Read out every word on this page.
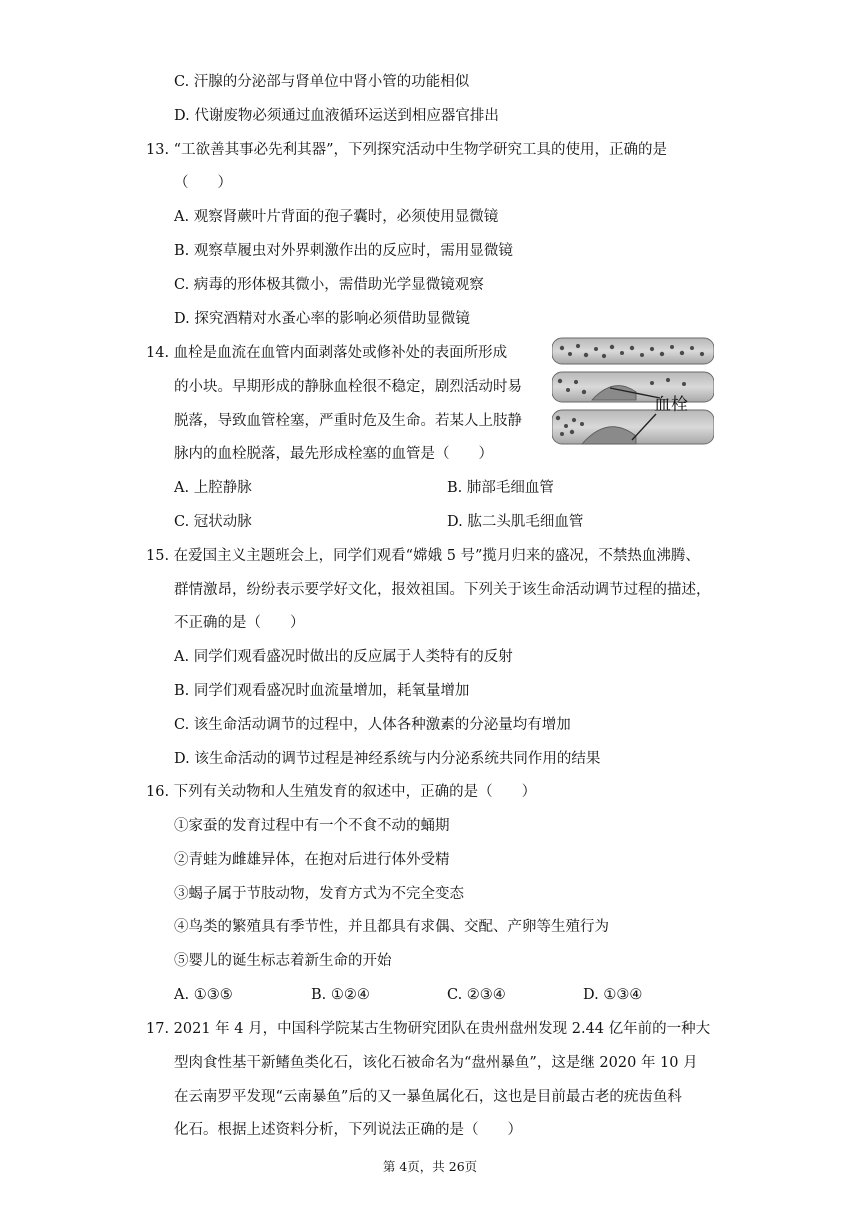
C. 汗腺的分泌部与肾单位中肾小管的功能相似
D. 代谢废物必须通过血液循环运送到相应器官排出
13. “工欲善其事必先利其器”，下列探究活动中生物学研究工具的使用，正确的是
（　　）
A. 观察肾蕨叶片背面的孢子囊时，必须使用显微镜
B. 观察草履虫对外界刺激作出的反应时，需用显微镜
C. 病毒的形体极其微小，需借助光学显微镜观察
D. 探究酒精对水蚤心率的影响必须借助显微镜
14. 血栓是血流在血管内面剥落处或修补处的表面所形成
的小块。早期形成的静脉血栓很不稳定，剧烈活动时易
脱落，导致血管栓塞，严重时危及生命。若某人上肢静
脉内的血栓脱落，最先形成栓塞的血管是（　　）
血栓
A. 上腔静脉	B. 肺部毛细血管
C. 冠状动脉	D. 肱二头肌毛细血管
15. 在爱国主义主题班会上，同学们观看“嫦娥 5 号”揽月归来的盛况，不禁热血沸腾、
群情激昂，纷纷表示要学好文化，报效祖国。下列关于该生命活动调节过程的描述，
不正确的是（　　）
A. 同学们观看盛况时做出的反应属于人类特有的反射
B. 同学们观看盛况时血流量增加，耗氧量增加
C. 该生命活动调节的过程中，人体各种激素的分泌量均有增加
D. 该生命活动的调节过程是神经系统与内分泌系统共同作用的结果
16. 下列有关动物和人生殖发育的叙述中，正确的是（　　）
①家蚕的发育过程中有一个不食不动的蛹期
②青蛙为雌雄异体，在抱对后进行体外受精
③蝎子属于节肢动物，发育方式为不完全变态
④鸟类的繁殖具有季节性，并且都具有求偶、交配、产卵等生殖行为
⑤婴儿的诞生标志着新生命的开始
A. ①③⑤	B. ①②④	C. ②③④	D. ①③④
17. 2021 年 4 月，中国科学院某古生物研究团队在贵州盘州发现 2.44 亿年前的一种大
型肉食性基干新鳍鱼类化石，该化石被命名为“盘州暴鱼”，这是继 2020 年 10 月
在云南罗平发现“云南暴鱼”后的又一暴鱼属化石，这也是目前最古老的疣齿鱼科
化石。根据上述资料分析，下列说法正确的是（　　）
第 4页，共 26页
